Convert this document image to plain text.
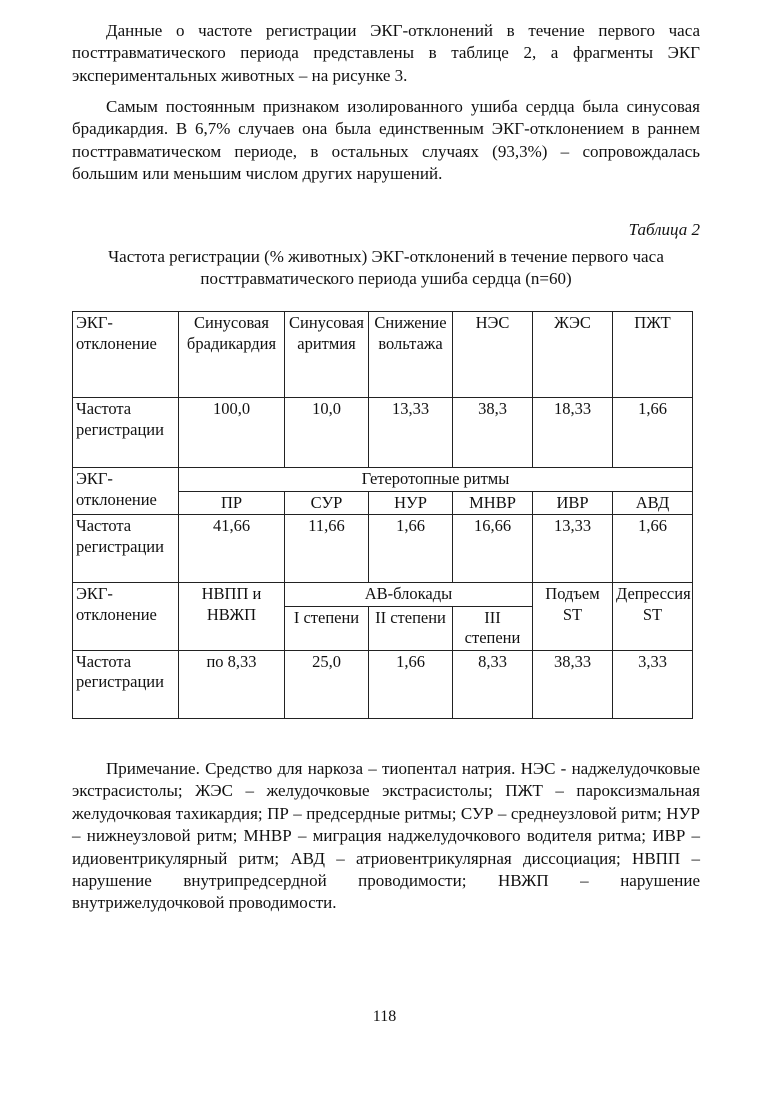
Данные о частоте регистрации ЭКГ-отклонений в течение первого часа посттравматического периода представлены в таблице 2, а фрагменты ЭКГ экспериментальных животных – на рисунке 3.

Самым постоянным признаком изолированного ушиба сердца была синусовая брадикардия. В 6,7% случаев она была единственным ЭКГ-отклонением в раннем посттравматическом периоде, в остальных случаях (93,3%) – сопровождалась большим или меньшим числом других нарушений.

Таблица 2

Частота регистрации (% животных) ЭКГ-отклонений в течение первого часа посттравматического периода ушиба сердца (n=60)

ЭКГ-отклонение	Синусовая брадикардия	Синусовая аритмия	Снижение вольтажа	НЭС	ЖЭС	ПЖТ
Частота регистрации	100,0	10,0	13,33	38,3	18,33	1,66
ЭКГ-отклонение	Гетеротопные ритмы					
	ПР	СУР	НУР	МНВР	ИВР	АВД
Частота регистрации	41,66	11,66	1,66	16,66	13,33	1,66
ЭКГ-отклонение	НВПП и НВЖП	АВ-блокады			Подъем ST	Депрессия ST
		I степени	II степени	III степени		
Частота регистрации	по 8,33	25,0	1,66	8,33	38,33	3,33

Примечание. Средство для наркоза – тиопентал натрия. НЭС - наджелудочковые экстрасистолы; ЖЭС – желудочковые экстрасистолы; ПЖТ – пароксизмальная желудочковая тахикардия; ПР – предсердные ритмы; СУР – среднеузловой ритм; НУР – нижнеузловой ритм; МНВР – миграция наджелудочкового водителя ритма; ИВР – идиовентрикулярный ритм; АВД – атриовентрикулярная диссоциация; НВПП – нарушение внутрипредсердной проводимости; НВЖП – нарушение внутрижелудочковой проводимости.

118
